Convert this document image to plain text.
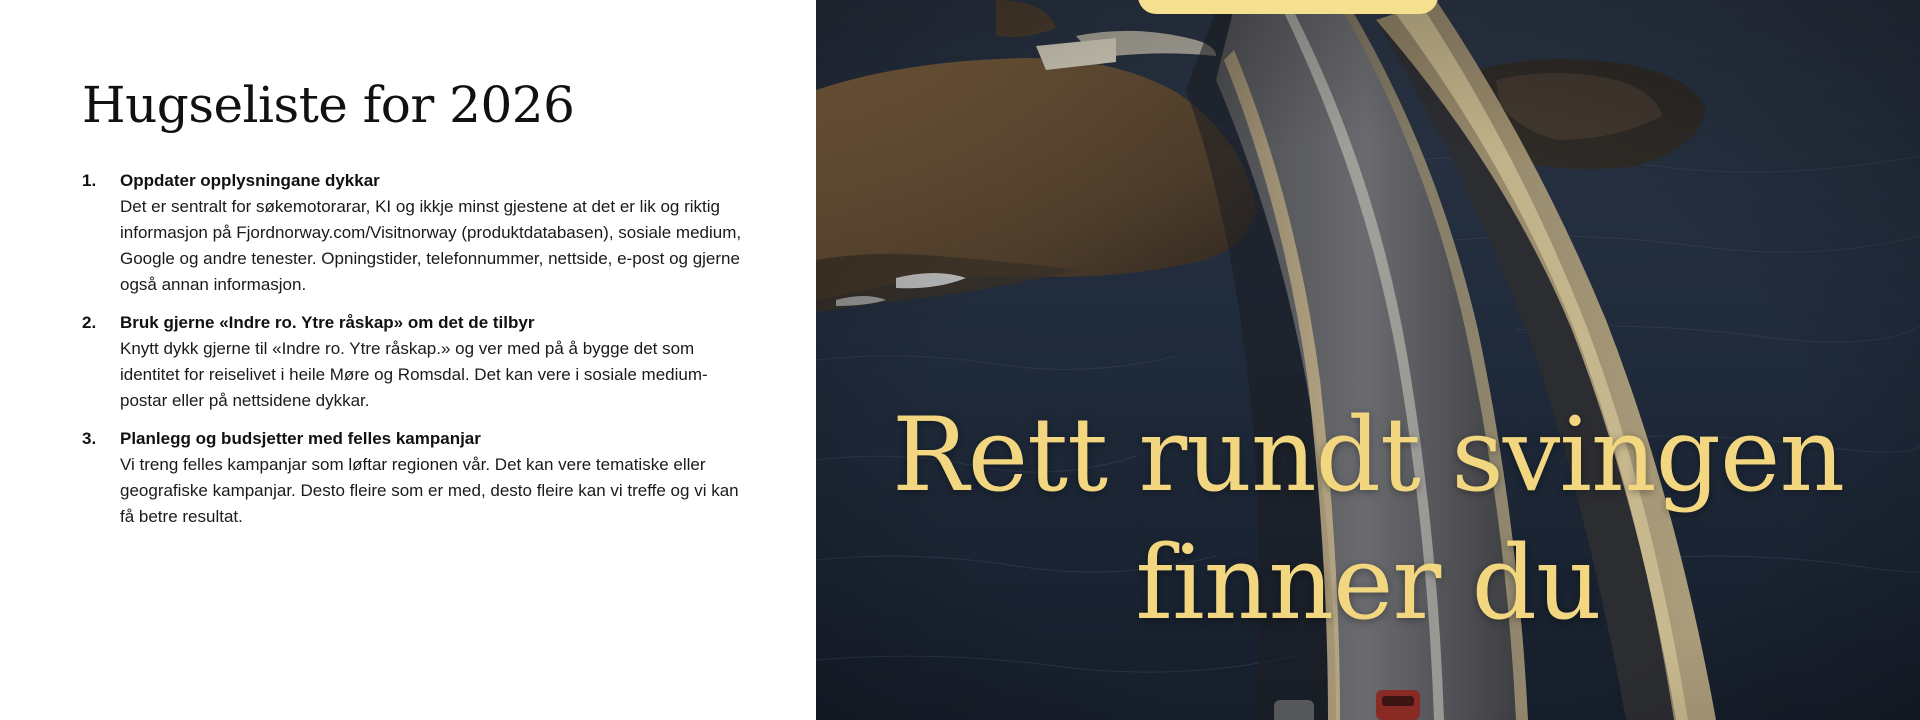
Hugseliste for 2026
1. Oppdater opplysningane dykkar
Det er sentralt for søkemotorarar, KI og ikkje minst gjestene at det er lik og riktig informasjon på Fjordnorway.com/Visitnorway (produktdatabasen), sosiale medium, Google og andre tenester. Opningstider, telefonnummer, nettside, e-post og gjerne også annan informasjon.
2. Bruk gjerne «Indre ro. Ytre råskap» om det de tilbyr
Knytt dykk gjerne til «Indre ro. Ytre råskap.» og ver med på å bygge det som identitet for reiselivet i heile Møre og Romsdal. Det kan vere i sosiale medium-postar eller på nettsidene dykkar.
3. Planlegg og budsjetter med felles kampanjar
Vi treng felles kampanjar som løftar regionen vår. Det kan vere tematiske eller geografiske kampanjar. Desto fleire som er med, desto fleire kan vi treffe og vi kan få betre resultat.
Rett rundt svingen
finner du
